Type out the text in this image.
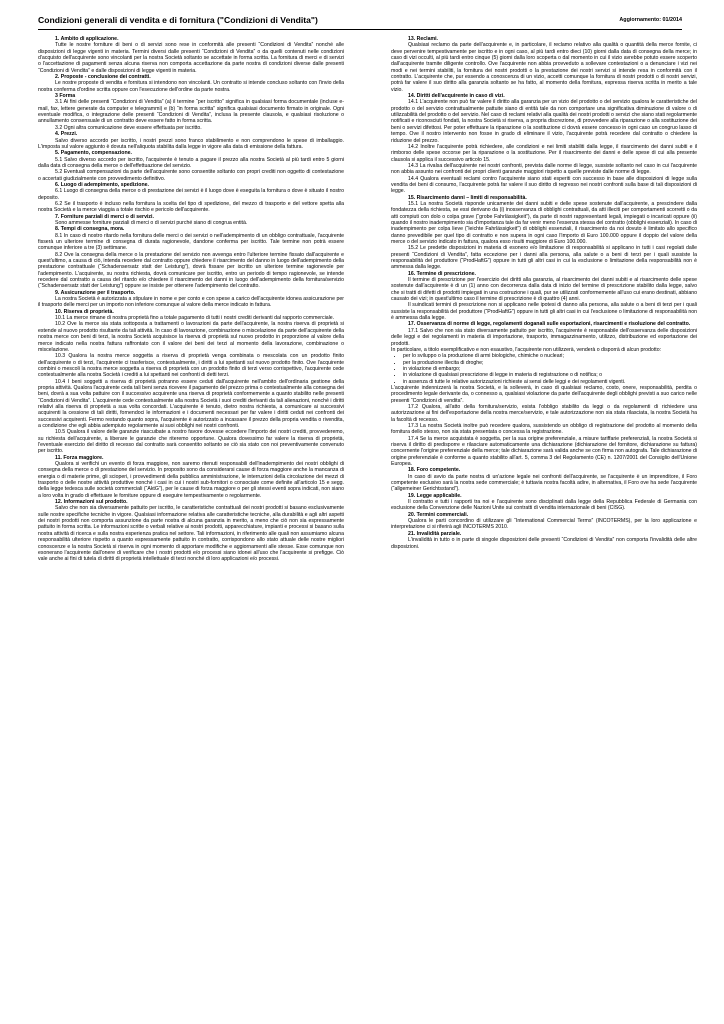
Condizioni generali di vendita e di fornitura ("Condizioni di Vendita")	Aggiornamento: 01/2014
1. Ambito di applicazione.

Tutte le nostre forniture di beni o di servizi sono rese in conformità alle presenti “Condizioni di Vendita” nonché alle disposizioni di legge vigenti in materia. Termini diversi dalle presenti “Condizioni di Vendita” o da quelli contenuti nelle condizioni d'acquisto dell'acquirente sono vincolanti per la nostra Società soltanto se accettate in forma scritta. La fornitura di merci e di servizi o l'accettazione di pagamenti senza alcuna riserva non comporta accettazione da parte nostra di condizioni diverse dalle presenti “Condizioni di Vendita” e dalle disposizioni di legge vigenti in materia.

2. Proposte - conclusione dei contratti.

Le nostre proposte di vendita e fornitura si intendono non vincolanti. Un contratto si intende concluso soltanto con l'invio della nostra conferma d'ordine scritta oppure con l'esecuzione dell'ordine da parte nostra.

3 Forma

3.1 Ai fini delle presenti “Condizioni di Vendita” (a) il termine “per iscritto” significa in qualsiasi forma documentale (incluse e-mail, fax, lettere generate da computer e telegrammi) e (b) “in forma scritta” significa qualsiasi documento firmato in originale. Ogni eventuale modifica, o integrazione delle presenti “Condizioni di Vendita”, inclusa la presente clausola, e qualsiasi risoluzione o annullamento consensuale di un contratto deve essere fatto in forma scritta.

3.2 Ogni altra comunicazione deve essere effettuata per iscritto.

4. Prezzi.

Salvo diverso accordo per iscritto, i nostri prezzi sono franco stabilimento e non comprendono le spese di imballaggio. L'imposta sul valore aggiunto è dovuta nell'aliquota stabilita dalla legge in vigore alla data di emissione della fattura.

5. Pagamento, compensazione.

5.1 Salvo diverso accordo per iscritto, l'acquirente è tenuto a pagare il prezzo alla nostra Società al più tardi entro 5 giorni dalla data di consegna della merce o dell'effettuazione del servizio.

5.2 Eventuali compensazioni da parte dell'acquirente sono consentite soltanto con propri crediti non oggetto di contestazione o accertati giudizialmente con provvedimento definitivo.

6. Luogo di adempimento, spedizione.

6.1 Luogo di consegna della merce o di prestazione dei servizi è il luogo dove è eseguita la fornitura o dove è situato il nostro deposito.

6.2 Se il trasporto è incluso nella fornitura la scelta del tipo di spedizione, del mezzo di trasporto e del vettore spetta alla nostra Società e la merce viaggia a totale rischio e pericolo dell'acquirente.

7. Forniture parziali di merci o di servizi.

Sono ammesse forniture parziali di merci o di servizi purché siano di congrua entità.

8. Tempi di consegna, mora.

8.1 In caso di nostro ritardo nella fornitura delle merci o dei servizi o nell'adempimento di un obbligo contrattuale, l'acquirente fisserà un ulteriore termine di consegna di durata ragionevole, dandone conferma per iscritto. Tale termine non potrà essere comunque inferiore a tre (3) settimane.

8.2 Ove la consegna della merce o la prestazione del servizio non avvenga entro l'ulteriore termine fissato dall'acquirente e quest'ultimo, a causa di ciò, intenda recedere dal contratto oppure chiedere il risarcimento del danno in luogo dell'adempimento della prestazione contrattuale (“Schadensersatz statt der Leistung”), dovrà fissare per iscritto un ulteriore termine ragionevole per l'adempimento. L'acquirente, su nostra richiesta, dovrà comunicare per iscritto, entro un periodo di tempo ragionevole, se intende recedere dal contratto a causa del ritardo e/o chiedere il risarcimento dei danni in luogo dell'adempimento della fornitura/servizio (“Schadensersatz statt der Leistung”) oppure se insiste per ottenere l'adempimento del contratto.

9. Assicurazione per il trasporto.

La nostra Società è autorizzata a stipulare in nome e per conto e con spese a carico dell'acquirente idonea assicurazione per il trasporto delle merci per un importo non inferiore comunque al valore della merce indicato in fattura.

10. Riserva di proprietà.

10.1 La merce rimane di nostra proprietà fino a totale pagamento di tutti i nostri crediti derivanti dal rapporto commerciale.

10.2 Ove la merce sia stata sottoposta a trattamenti o lavorazioni da parte dell'acquirente, la nostra riserva di proprietà si estende al nuovo prodotto risultante da tali attività. In caso di lavorazione, combinazione o miscelazione da parte dell'acquirente della nostra merce con beni di terzi, la nostra Società acquisisce la riserva di proprietà sul nuovo prodotto in proporzione al valore della merce indicato nella nostra fattura raffrontato con il valore dei beni dei terzi al momento della lavorazione, combinazione o miscelazione.

10.3 Qualora la nostra merce soggetta a riserva di proprietà venga combinata o mescolata con un prodotto finito dell'acquirente o di terzi, l'acquirente ci trasferisce, contestualmente, i diritti a lui spettanti sul nuovo prodotto finito. Ove l'acquirente combini o mescoli la nostra merce soggetta a riserva di proprietà con un prodotto finito di terzi verso corrispettivo, l'acquirente cede contestualmente alla nostra Società i crediti a lui spettanti nei confronti di detti terzi.

10.4 I beni soggetti a riserva di proprietà potranno essere ceduti dall'acquirente nell'ambito dell'ordinaria gestione della propria attività. Qualora l'acquirente ceda tali beni senza ricevere il pagamento del prezzo prima o contestualmente alla consegna dei beni, dovrà a sua volta pattuire con il successivo acquirente una riserva di proprietà conformemente a quanto stabilito nelle presenti “Condizioni di Vendita”. L'acquirente cede contestualmente alla nostra Società i suoi crediti derivanti da tali alienazioni, nonché i diritti relativi alla riserva di proprietà a sua volta concordati. L'acquirente è tenuto, dietro nostra richiesta, a comunicare ai successivi acquirenti la cessione di tali diritti, fornendoci le informazioni e i documenti necessari per far valere i diritti ceduti nei confronti dei successivi acquirenti. Fermo restando quanto sopra, l'acquirente è autorizzato a incassare il prezzo della propria vendita o rivendita, a condizione che egli abbia adempiuto regolarmente ai suoi obblighi nei nostri confronti.

10.5 Qualora il valore delle garanzie riascuibate a nostro favore dovesse eccedere l'importo dei nostri crediti, provvederemo, su richiesta dell'acquirente, a liberare le garanzie che riteremo opportune. Qualora dovessimo far valere la riserva di proprietà, l'eventuale esercizio del diritto di recesso dal contratto sarà consentito soltanto se ciò sia stato con noi preventivamente convenuto per iscritto.

11. Forza maggiore.

Qualora si verifichi un evento di forza maggiore, non saremo ritenuti responsabili dell'inadempimento dei nostri obblighi di consegna della merce o di prestazione del servizio. In proposito sono da considerarsi cause di forza maggiore anche la mancanza di energia o di materie prime, gli scioperi, i provvedimenti della pubblica amministrazione, le interruzioni della circolazione dei mezzi di trasporto o delle nostre attività produttive nonché i casi in cui i nostri sub-fornitori o consociate come definite all'articolo 15 e segg. della legge tedesca sulle società commerciali (“AktG”), per le cause di forza maggiore o per gli stessi eventi sopra indicati, non siano a loro volta in grado di effettuare le forniture oppure di eseguire tempestivamente o regolarmente.

12. Informazioni sul prodotto.

Salvo che non sia diversamente pattuito per iscritto, le caratteristiche contrattuali dei nostri prodotti si basano esclusivamente sulle nostre specifiche tecniche in vigore. Qualsiasi informazione relativa alle caratteristiche tecniche, alla durabilità e agli altri aspetti dei nostri prodotti non comporta assunzione da parte nostra di alcuna garanzia in merito, a meno che ciò non sia espressamente pattuito in forma scritta. Le informazioni scritte o verbali relative ai nostri prodotti, apparecchiature, impianti e processi si basano sulla nostra attività di ricerca e sulla nostra esperienza pratica nel settore. Tali informazioni, in riferimento alle quali non assumiamo alcuna responsabilità ulteriore rispetto a quanto espressamente pattuito in contratto, corrispondono allo stato attuale delle nostre migliori conoscenze e la nostra Società si riserva in ogni momento di apportare modifiche e aggiornamenti alle stesse. Esse comunque non esonerano l'acquirente dall'onere di verificare che i nostri prodotti e/o processi siano idonei all'uso che l'acquirente si prefigge. Ciò vale anche ai fini di tutela di diritti di proprietà intellettuale di terzi nonché di loro applicazioni e/o processi.

13. Reclami.

Qualsiasi reclamo da parte dell'acquirente e, in particolare, il reclamo relativo alla qualità o quantità della merce fornite, ci deve pervenire tempestivamente per iscritto e in ogni caso, al più tardi entro dieci (10) giorni dalla data di consegna della merce; in caso di vizi occulti, al più tardi entro cinque (5) giorni dalla loro scoperta o dal momento in cui il vizio avrebbe potuto essere scoperto dall'acquirente tramite diligente controllo. Ove l'acquirente non abbia provveduto a sollevare contestazioni o a denunciare i vizi nei modi e nei termini stabiliti, la fornitura dei nostri prodotti o la prestazione dei nostri servizi si intende resa in conformità con il contratto. L'acquirente che, pur essendo a conoscenza di un vizio, accetti comunque la fornitura di nostri prodotti o di nostri servizi, potrà far valere il suo diritto alla garanzia soltanto se ha fatto, al momento della fornitura, espressa riserva scritta in merito a tale vizio.

14. Diritti dell'acquirente in caso di vizi.

14.1 L'acquirente non può far valere il diritto alla garanzia per un vizio del prodotto o del servizio qualora le caratteristiche del prodotto o del servizio contrattualmente pattuite siano di entità tale da non comportare una significativa diminuzione di valore o di utilizzabilità del prodotto o del servizio. Nel caso di reclami relativi alla qualità dei nostri prodotti o servizi che siano stati regolarmente notificati e riconosciuti fondati, la nostra Società si riserva, a propria discrezione, di provvedere alla riparazione o alla sostituzione dei beni o servizi difettosi. Per poter effettuare la riparazione o la sostituzione ci dovrà essere concesso in ogni caso un congruo lasso di tempo. Ove il nostro intervento non fosse in grado di eliminare il vizio, l'acquirente potrà recedere dal contratto o chiedere la riduzione del prezzo.

14.2 Inoltre l'acquirente potrà richiedere, alle condizioni e nei limiti stabiliti dalla legge, il risarcimento dei danni subiti e il rimborso delle spese occorse per la riparazione o la sostituzione. Per il risarcimento dei danni e delle spese di cui alla presente clausola si applica il successivo articolo 15.

14.3 La rivalsa dell'acquirente nei nostri confronti, prevista dalle norme di legge, sussiste soltanto nel caso in cui l'acquirente non abbia assunto nei confronti dei propri clienti garanzie maggiori rispetto a quelle previste dalle norme di legge.

14.4 Qualora eventuali reclami contro l'acquirente siano stati esperiti con successo in base alle disposizioni di legge sulla vendita dei beni di consumo, l'acquirente potrà far valere il suo diritto di regresso nei nostri confronti sulla base di tali disposizioni di legge.

15. Risarcimento danni – limiti di responsabilità.

15.1 La nostra Società risponde unicamente dei danni subiti e delle spese sostenute dall'acquirente, a prescindere dalla fondatezza della richiesta, se essi derivano da (i) inosservanza di obblighi contrattuali, da atti illeciti per comportamenti scorretti o da atti compiuti con dolo o colpa grave (“grobe Fahrlässigkeit”), da parte di nostri rappresentanti legali, impiegati o incaricati oppure (ii) quando il nostro inadempimento sia d'importanza tale da far venir meno l'essenza stessa del contratto (obblighi essenziali). In caso di inadempimento per colpa lieve (“leichte Fahrlässigkeit”) di obblighi essenziali, il risarcimento da noi dovuto è limitato allo specifico danno prevedibile per quel tipo di contratto e non supera in ogni caso l'importo di Euro 100.000 oppure il doppio del valore della merce o del servizio indicato in fattura, qualora esso risulti maggiore di Euro 100.000.

15.2 Le predette disposizioni in materia di esonero e/o limitazione di responsabilità si applicano in tutti i casi regolati dalle presenti “Condizioni di Vendita”, fatta eccezione per i danni alla persona, alla salute o a beni di terzi per i quali sussiste la responsabilità del produttore (“ProdHaftG”) oppure in tutti gli altri casi in cui la esclusione o limitazione della responsabilità non è ammessa dalla legge.

16. Termine di prescrizione.

Il termine di prescrizione per l'esercizio dei diritti alla garanzia, al risarcimento dei danni subiti e al risarcimento delle spese sostenute dall'acquirente è di un (1) anno con decorrenza dalla data di inizio del termine di prescrizione stabilito dalla legge, salvo che si tratti di difetti di prodotti impiegati in una costruzione i quali, pur se utilizzati conformemente all'uso cui erano destinati, abbiano causato dei vizi; in quest'ultimo caso il termine di prescrizione è di quattro (4) anni.

Il suindicati termini di prescrizione non si applicano nelle ipotesi di danno alla persona, alla salute o a beni di terzi per i quali sussiste la responsabilità del produttore (“ProdHaftG”) oppure in tutti gli altri casi in cui l'esclusione o limitazione di responsabilità non è ammessa dalla legge.

17. Osservanza di norme di legge, regolamenti doganali sulle esportazioni, risarcimenti e risoluzione del contratto.

17.1 Salvo che non sia stato diversamente pattuito per iscritto, l'acquirente è responsabile dell'osservanza delle disposizioni delle leggi e dei regolamenti in materia di importazione, trasporto, immagazzinamento, utilizzo, distribuzione ed esportazione dei prodotti.

In particolare, a titolo esemplificativo e non esaustivo, l'acquirente non utilizzerà, venderà o disporrà di alcun prodotto:

• per lo sviluppo o la produzione di armi biologiche, chimiche o nucleari;
• per la produzione illecita di droghe;
• in violazione di embargo;
• in violazione di qualsiasi prescrizione di legge in materia di registrazione o di notifica; o
• in assenza di tutte le relative autorizzazioni richieste ai sensi delle leggi e dei regolamenti vigenti.

L'acquirente indennizzerà la nostra Società, e la solleverà, in caso di qualsiasi reclamo, costo, onere, responsabilità, perdita o procedimento legale derivante da, o connesso a, qualsiasi violazione da parte dell'acquirente degli obblighi previsti a suo carico nelle presenti “Condizioni di vendita”.

17.2 Qualora, all'atto della fornitura/servizio, esista l'obbligo stabilito da leggi o da regolamenti di richiedere una autorizzazione ai fini dell'esportazione della nostra merce/servizio, e tale autorizzazione non sia stata rilasciata, la nostra Società ha la facoltà di recesso.

17.3 La nostra Società inoltre può recedere qualora, sussistendo un obbligo di registrazione del prodotto al momento della fornitura dello stesso, non sia stata presentata o concessa la registrazione.

17.4 Se la merce acquistata è soggetta, per la sua origine preferenziale, a misure tariffarie preferenziali, la nostra Società si riserva il diritto di predisporre e rilasciare automaticamente una dichiarazione (dichiarazione del fornitore, dichiarazione su fattura) concernente l'origine preferenziale della merce; tale dichiarazione sarà valida anche se con firma non autografa. Tale dichiarazione di origine preferenziale è conforme a quanto stabilito all'art. 5, comma 3 del Regolamento (CE) n. 1207/2001 del Consiglio dell'Unione Europea.

18. Foro competente.

In caso di avvio da parte nostra di un'azione legale nei confronti dell'acquirente, se l'acquirente è un imprenditore, il Foro competente esclusivo sarà la nostra sede commerciale; è tuttavia nostra facoltà adire, in alternativa, il Foro ove ha sede l'acquirente (“allgemeiner Gerichtsstand”).

19. Legge applicabile.

Il contratto e tutti i rapporti tra noi e l'acquirente sono disciplinati dalla legge della Repubblica Federale di Germania con esclusione della Convenzione delle Nazioni Unite sui contratti di vendita internazionale di beni (CISG).

20. Termini commerciali.

Qualora le parti concordino di utilizzare gli “International Commercial Terms” (INCOTERMS), per la loro applicazione e interpretazione ci si riferirà agli INCOTERMS 2010.

21. Invalidità parziale.

L'invalidità in tutto o in parte di singole disposizioni delle presenti “Condizioni di Vendita” non comporta l'invalidità delle altre disposizioni.
